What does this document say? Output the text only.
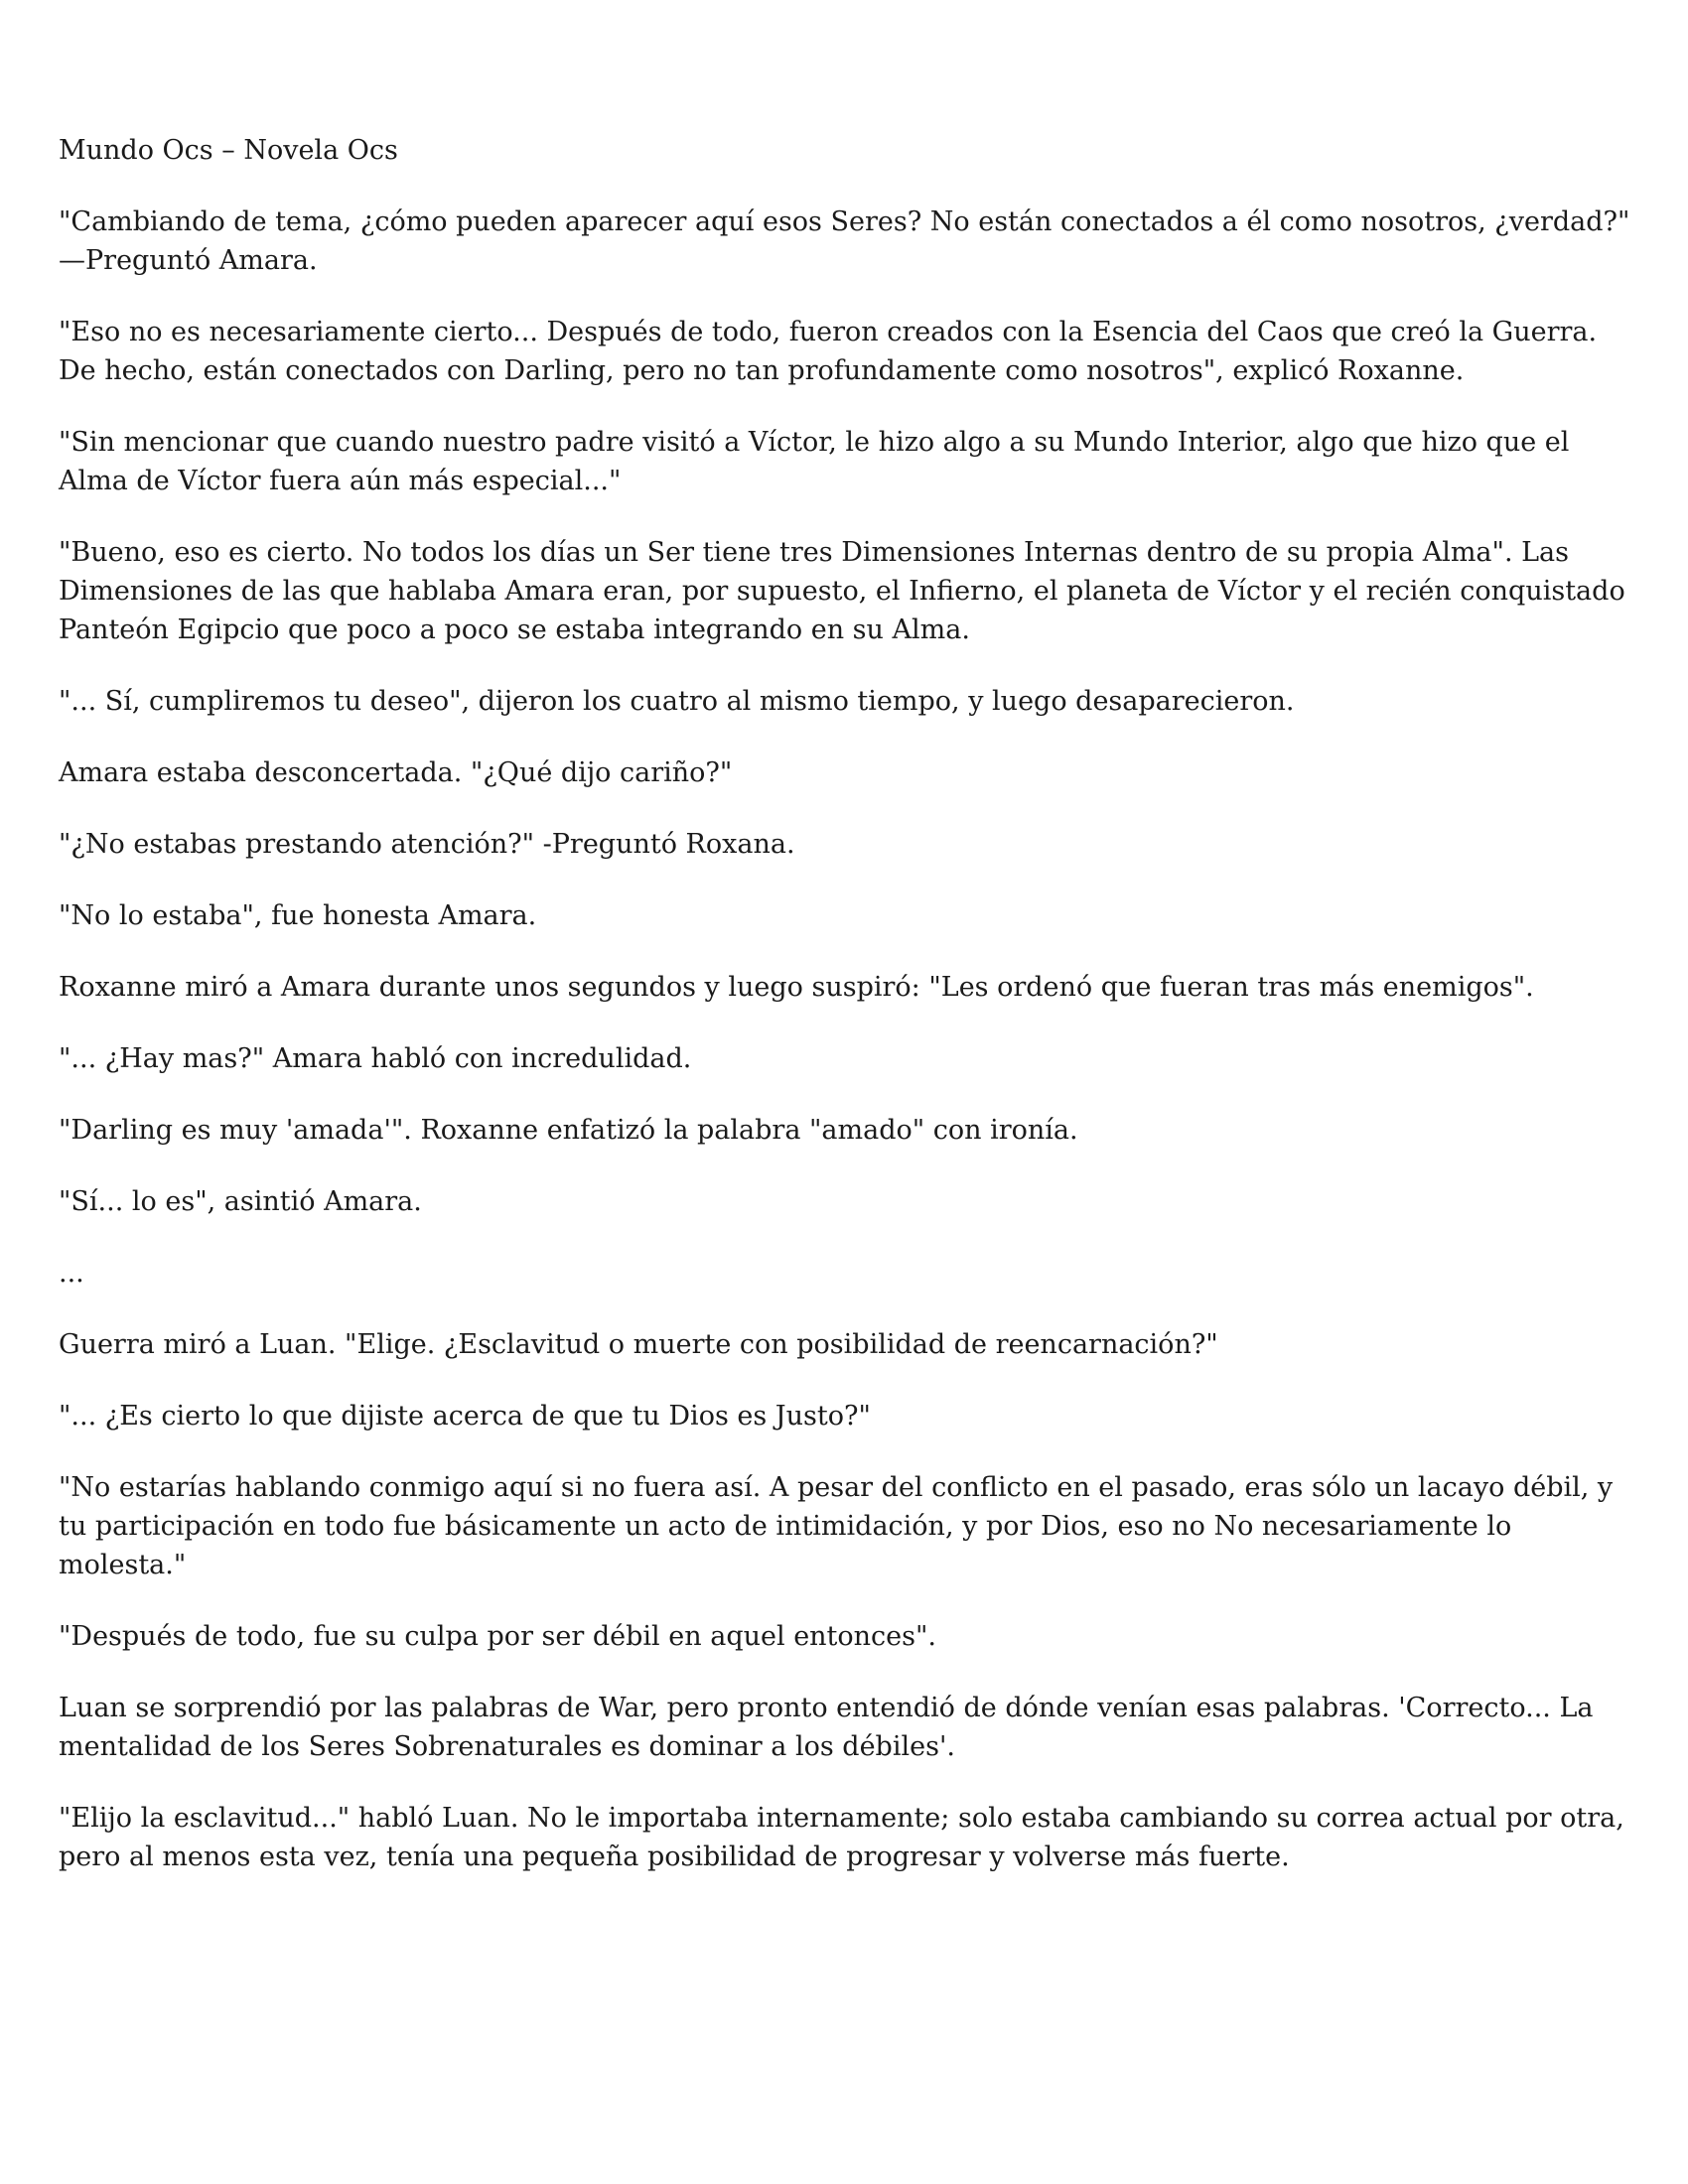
Mundo Ocs – Novela Ocs

"Cambiando de tema, ¿cómo pueden aparecer aquí esos Seres? No están conectados a él como nosotros, ¿verdad?" —Preguntó Amara.

"Eso no es necesariamente cierto... Después de todo, fueron creados con la Esencia del Caos que creó la Guerra. De hecho, están conectados con Darling, pero no tan profundamente como nosotros", explicó Roxanne.

"Sin mencionar que cuando nuestro padre visitó a Víctor, le hizo algo a su Mundo Interior, algo que hizo que el Alma de Víctor fuera aún más especial..."

"Bueno, eso es cierto. No todos los días un Ser tiene tres Dimensiones Internas dentro de su propia Alma". Las Dimensiones de las que hablaba Amara eran, por supuesto, el Infierno, el planeta de Víctor y el recién conquistado Panteón Egipcio que poco a poco se estaba integrando en su Alma.

"... Sí, cumpliremos tu deseo", dijeron los cuatro al mismo tiempo, y luego desaparecieron.

Amara estaba desconcertada. "¿Qué dijo cariño?"

"¿No estabas prestando atención?" -Preguntó Roxana.

"No lo estaba", fue honesta Amara.

Roxanne miró a Amara durante unos segundos y luego suspiró: "Les ordenó que fueran tras más enemigos".

"... ¿Hay mas?" Amara habló con incredulidad.

"Darling es muy 'amada'". Roxanne enfatizó la palabra "amado" con ironía.

"Sí... lo es", asintió Amara.

...

Guerra miró a Luan. "Elige. ¿Esclavitud o muerte con posibilidad de reencarnación?"

"... ¿Es cierto lo que dijiste acerca de que tu Dios es Justo?"

"No estarías hablando conmigo aquí si no fuera así. A pesar del conflicto en el pasado, eras sólo un lacayo débil, y tu participación en todo fue básicamente un acto de intimidación, y por Dios, eso no No necesariamente lo molesta."

"Después de todo, fue su culpa por ser débil en aquel entonces".

Luan se sorprendió por las palabras de War, pero pronto entendió de dónde venían esas palabras. 'Correcto... La mentalidad de los Seres Sobrenaturales es dominar a los débiles'.

"Elijo la esclavitud..." habló Luan. No le importaba internamente; solo estaba cambiando su correa actual por otra, pero al menos esta vez, tenía una pequeña posibilidad de progresar y volverse más fuerte.
